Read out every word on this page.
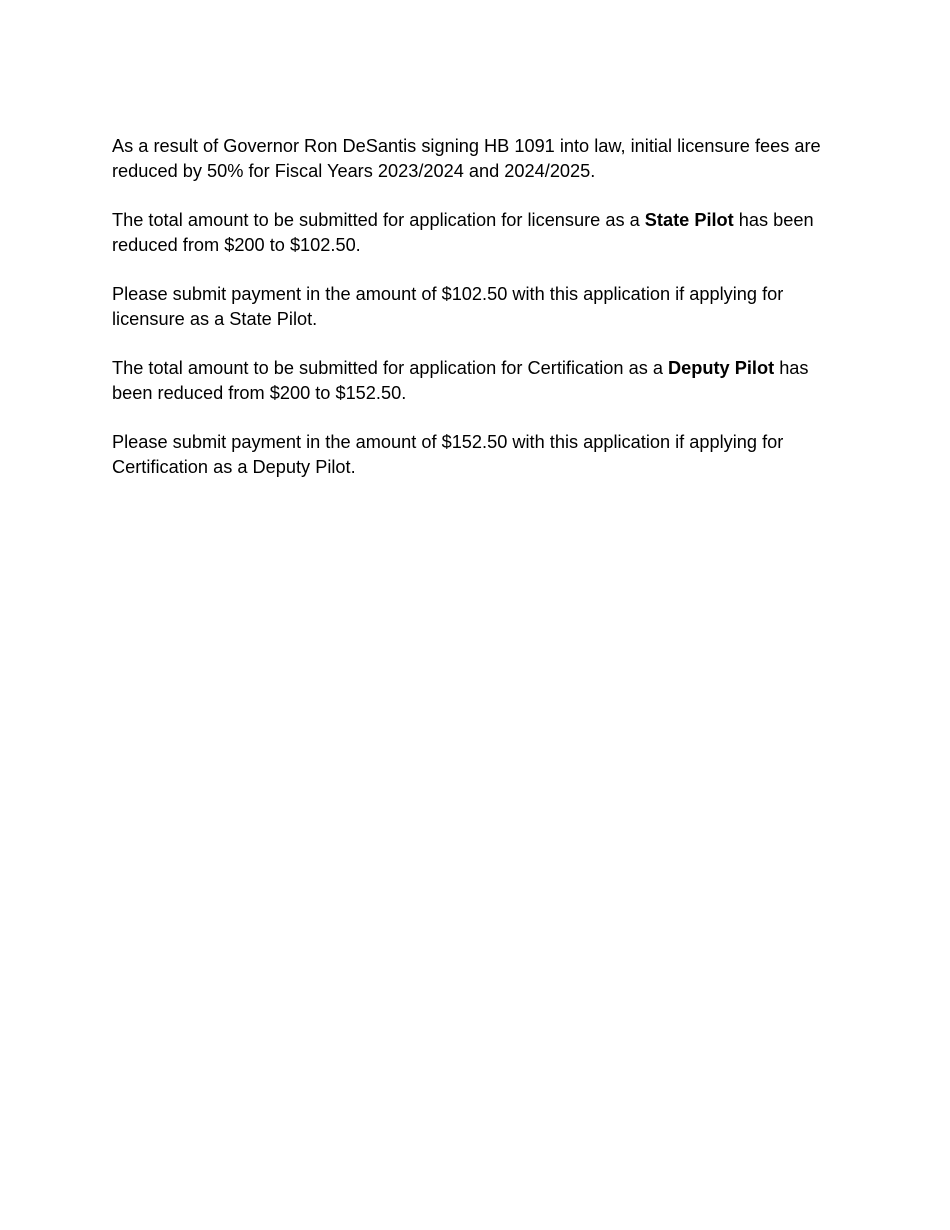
As a result of Governor Ron DeSantis signing HB 1091 into law, initial licensure fees are reduced by 50% for Fiscal Years 2023/2024 and 2024/2025.

The total amount to be submitted for application for licensure as a State Pilot has been reduced from $200 to $102.50.

Please submit payment in the amount of $102.50 with this application if applying for licensure as a State Pilot.

The total amount to be submitted for application for Certification as a Deputy Pilot has been reduced from $200 to $152.50.

Please submit payment in the amount of $152.50 with this application if applying for Certification as a Deputy Pilot.
